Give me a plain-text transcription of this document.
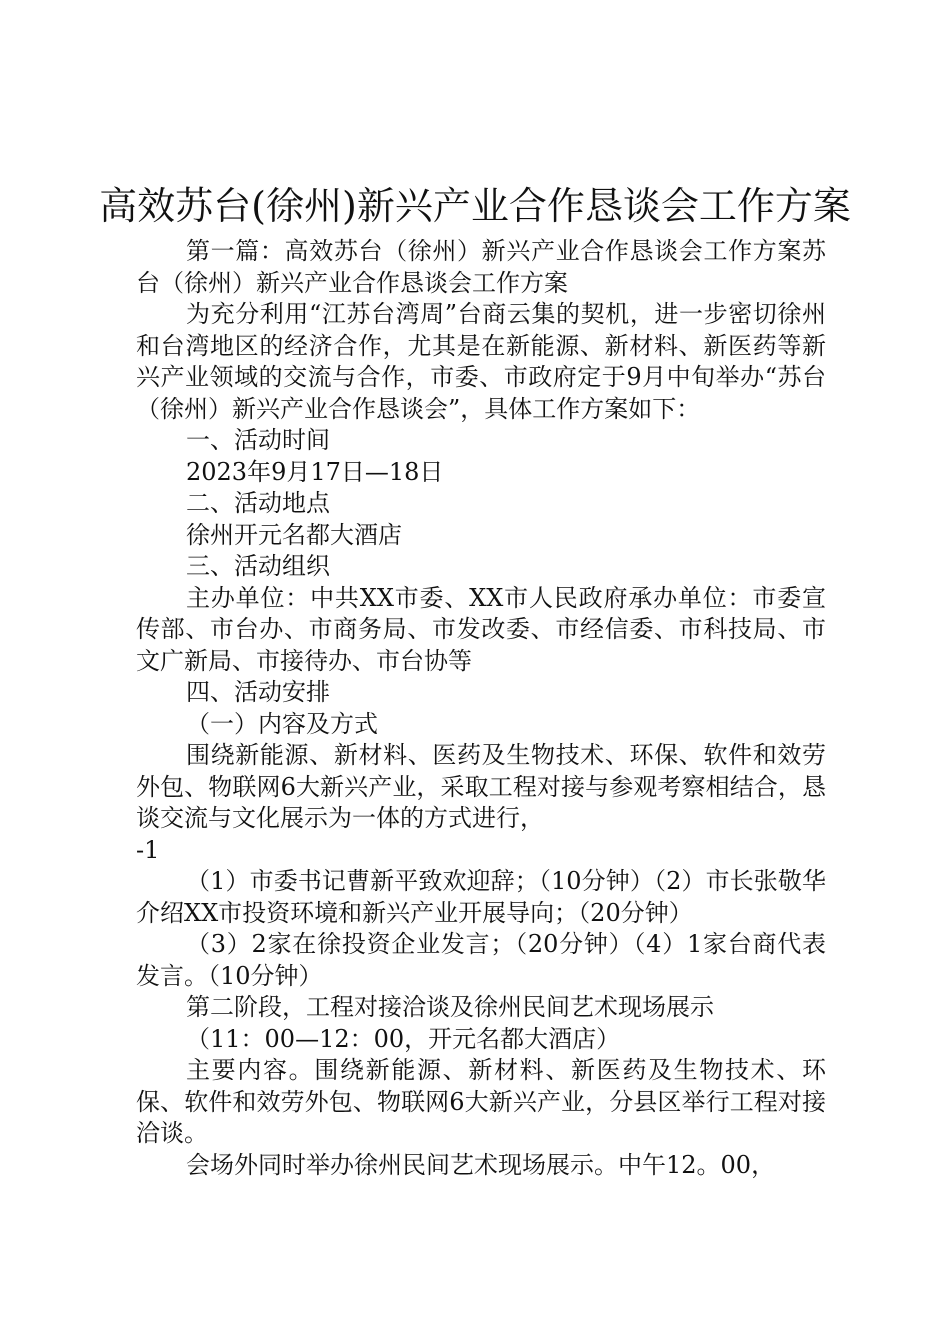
高效苏台(徐州)新兴产业合作恳谈会工作方案

第一篇：高效苏台（徐州）新兴产业合作恳谈会工作方案苏台（徐州）新兴产业合作恳谈会工作方案

为充分利用“江苏台湾周”台商云集的契机，进一步密切徐州和台湾地区的经济合作，尤其是在新能源、新材料、新医药等新兴产业领域的交流与合作，市委、市政府定于9月中旬举办“苏台（徐州）新兴产业合作恳谈会”，具体工作方案如下：

一、活动时间

2023年9月17日—18日

二、活动地点

徐州开元名都大酒店

三、活动组织

主办单位：中共XX市委、XX市人民政府承办单位：市委宣传部、市台办、市商务局、市发改委、市经信委、市科技局、市文广新局、市接待办、市台协等

四、活动安排

（一）内容及方式

围绕新能源、新材料、医药及生物技术、环保、软件和效劳外包、物联网6大新兴产业，采取工程对接与参观考察相结合，恳谈交流与文化展示为一体的方式进行，

-1

（1）市委书记曹新平致欢迎辞；（10分钟）（2）市长张敬华介绍XX市投资环境和新兴产业开展导向；（20分钟）

（3）2家在徐投资企业发言；（20分钟）（4）1家台商代表发言。（10分钟）

第二阶段，工程对接洽谈及徐州民间艺术现场展示

（11：00—12：00，开元名都大酒店）

主要内容。围绕新能源、新材料、新医药及生物技术、环保、软件和效劳外包、物联网6大新兴产业，分县区举行工程对接洽谈。

会场外同时举办徐州民间艺术现场展示。中午12。00，
